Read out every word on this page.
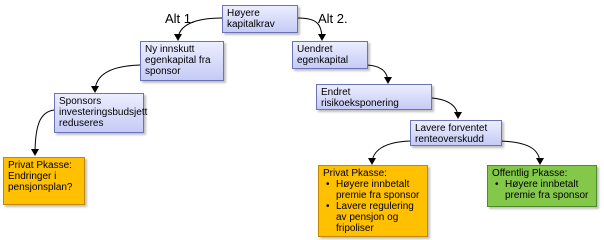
Alt 1.	Alt 2.
Høyere kapitalkrav
Ny innskutt egenkapital fra sponsor
Sponsors investeringsbudsjett reduseres
Privat Pkasse: Endringer i pensjonsplan?
Uendret egenkapital
Endret risikoeksponering
Lavere forventet renteoverskudd
Privat Pkasse:
• Høyere innbetalt premie fra sponsor
• Lavere regulering av pensjon og fripoliser
Offentlig Pkasse:
• Høyere innbetalt premie fra sponsor
